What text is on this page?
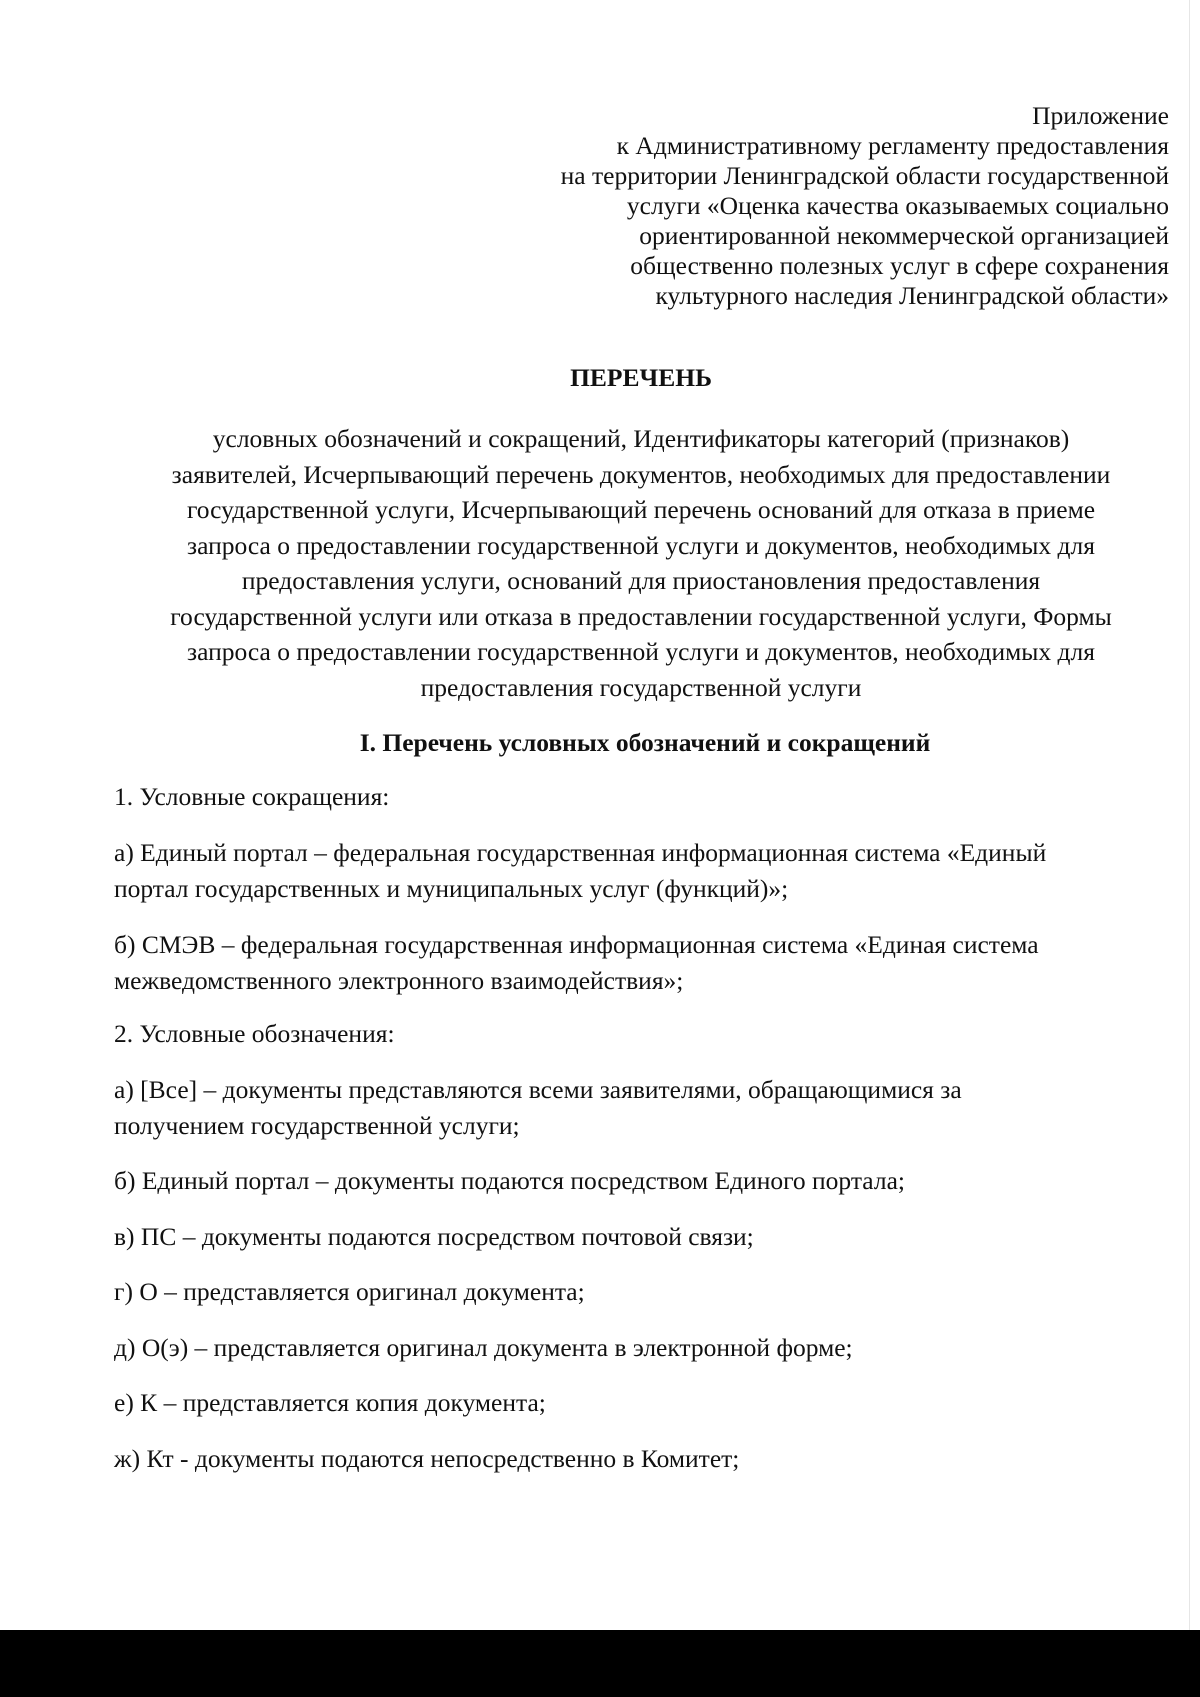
Приложение
к Административному регламенту предоставления
на территории Ленинградской области государственной
услуги «Оценка качества оказываемых социально
ориентированной некоммерческой организацией
общественно полезных услуг в сфере сохранения
культурного наследия Ленинградской области»
ПЕРЕЧЕНЬ
условных обозначений и сокращений, Идентификаторы категорий (признаков)
заявителей, Исчерпывающий перечень документов, необходимых для предоставлении
государственной услуги, Исчерпывающий перечень оснований для отказа в приеме
запроса о предоставлении государственной услуги и документов, необходимых для
предоставления услуги, оснований для приостановления предоставления
государственной услуги или отказа в предоставлении государственной услуги, Формы
запроса о предоставлении государственной услуги и документов, необходимых для
предоставления государственной услуги
I. Перечень условных обозначений и сокращений
1. Условные сокращения:
а) Единый портал – федеральная государственная информационная система «Единый
портал государственных и муниципальных услуг (функций)»;
б) СМЭВ – федеральная государственная информационная система «Единая система
межведомственного электронного взаимодействия»;
2. Условные обозначения:
а) [Все] – документы представляются всеми заявителями, обращающимися за
получением государственной услуги;
б) Единый портал – документы подаются посредством Единого портала;
в) ПС – документы подаются посредством почтовой связи;
г) О – представляется оригинал документа;
д) О(э) – представляется оригинал документа в электронной форме;
е) К – представляется копия документа;
ж) Кт - документы подаются непосредственно в Комитет;
